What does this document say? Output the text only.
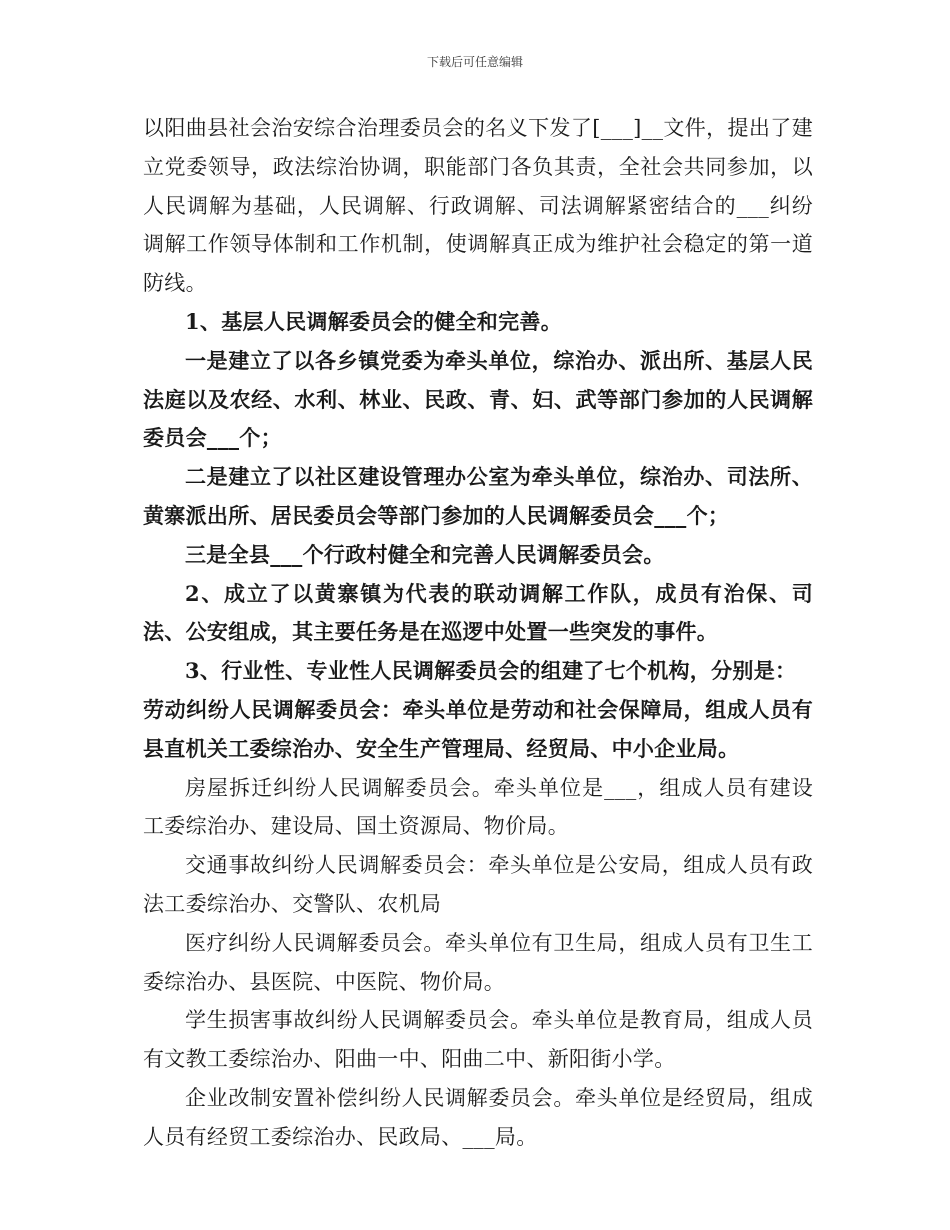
下载后可任意编辑

以阳曲县社会治安综合治理委员会的名义下发了[___]__文件，提出了建立党委领导，政法综治协调，职能部门各负其责，全社会共同参加，以人民调解为基础，人民调解、行政调解、司法调解紧密结合的___纠纷调解工作领导体制和工作机制，使调解真正成为维护社会稳定的第一道防线。

1、基层人民调解委员会的健全和完善。

一是建立了以各乡镇党委为牵头单位，综治办、派出所、基层人民法庭以及农经、水利、林业、民政、青、妇、武等部门参加的人民调解委员会___个；

二是建立了以社区建设管理办公室为牵头单位，综治办、司法所、黄寨派出所、居民委员会等部门参加的人民调解委员会___个；

三是全县___个行政村健全和完善人民调解委员会。

2、成立了以黄寨镇为代表的联动调解工作队，成员有治保、司法、公安组成，其主要任务是在巡逻中处置一些突发的事件。

3、行业性、专业性人民调解委员会的组建了七个机构，分别是：

劳动纠纷人民调解委员会：牵头单位是劳动和社会保障局，组成人员有县直机关工委综治办、安全生产管理局、经贸局、中小企业局。

房屋拆迁纠纷人民调解委员会。牵头单位是___，组成人员有建设工委综治办、建设局、国土资源局、物价局。

交通事故纠纷人民调解委员会：牵头单位是公安局，组成人员有政法工委综治办、交警队、农机局

医疗纠纷人民调解委员会。牵头单位有卫生局，组成人员有卫生工委综治办、县医院、中医院、物价局。

学生损害事故纠纷人民调解委员会。牵头单位是教育局，组成人员有文教工委综治办、阳曲一中、阳曲二中、新阳街小学。

企业改制安置补偿纠纷人民调解委员会。牵头单位是经贸局，组成人员有经贸工委综治办、民政局、___局。
